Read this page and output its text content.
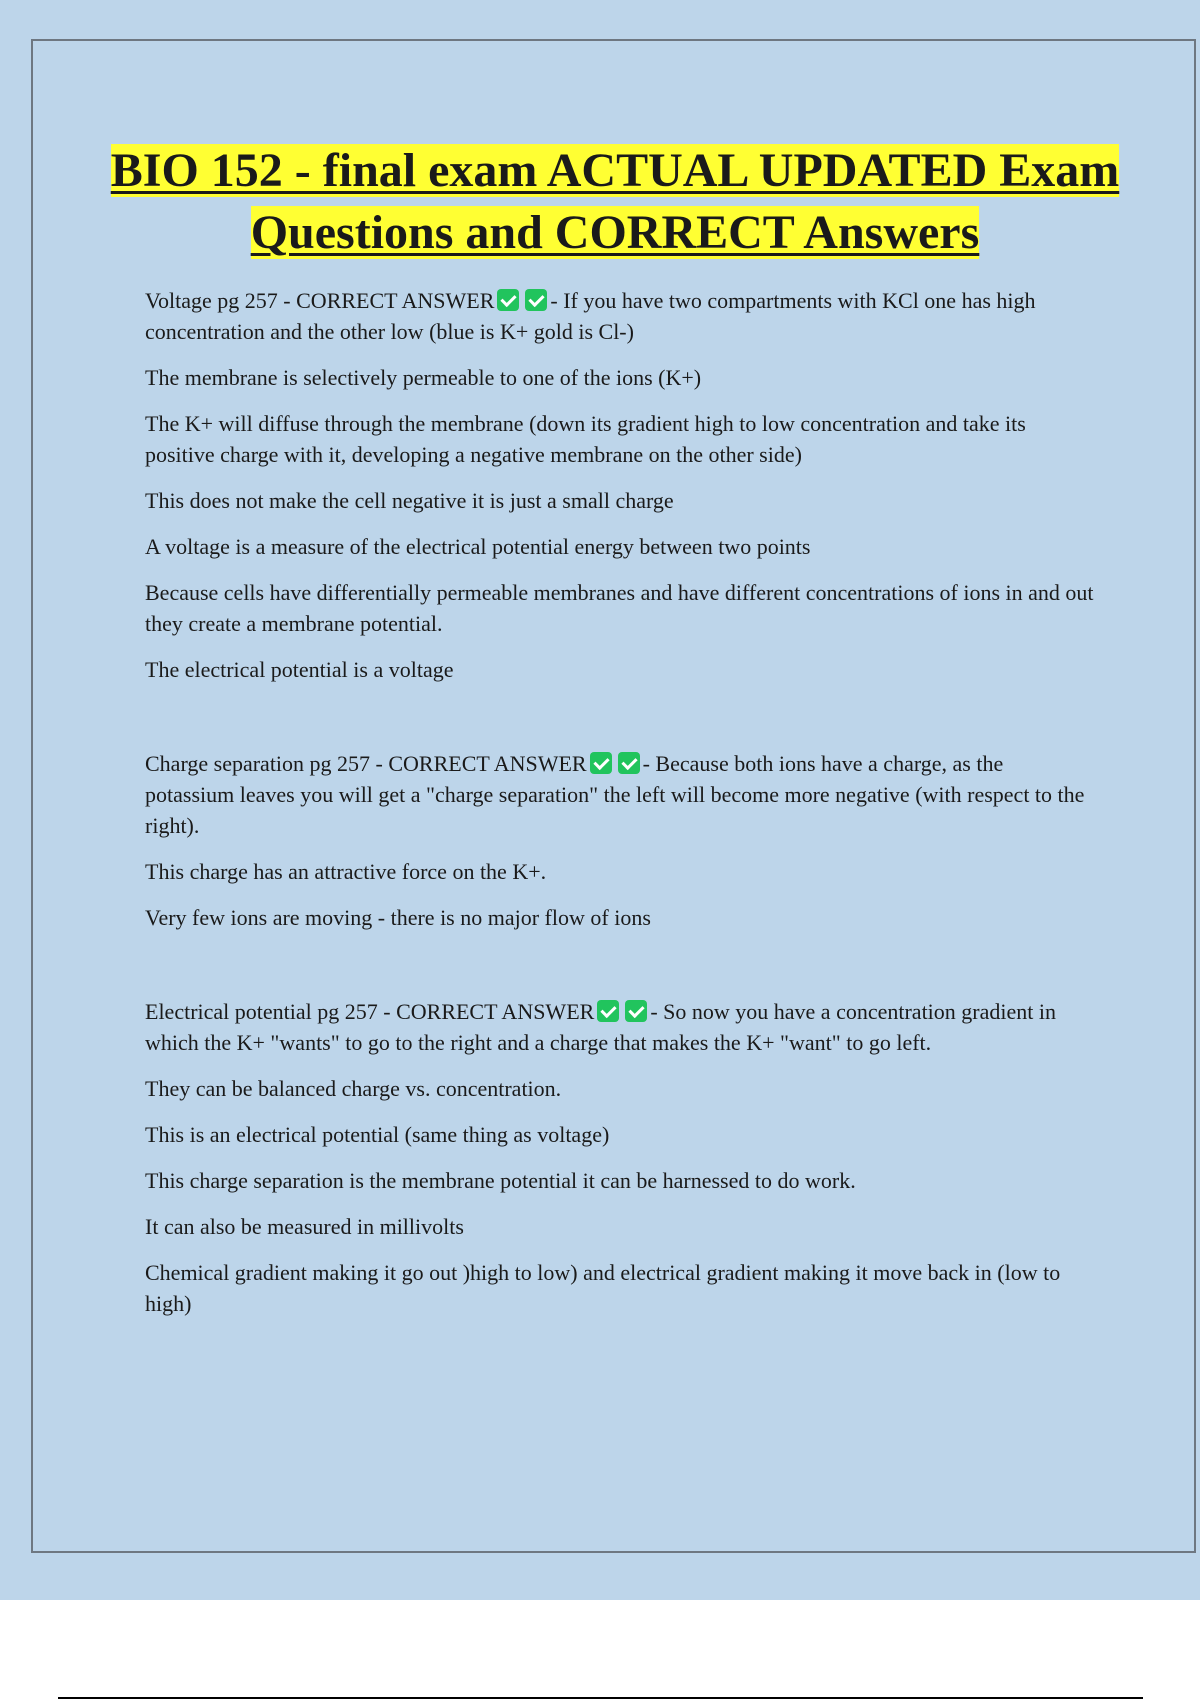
BIO 152 - final exam ACTUAL UPDATED Exam Questions and CORRECT Answers

Voltage pg 257 - CORRECT ANSWER	- If you have two compartments with KCl one has high concentration and the other low (blue is K+ gold is Cl-)

The membrane is selectively permeable to one of the ions (K+)

The K+ will diffuse through the membrane (down its gradient high to low concentration and take its positive charge with it, developing a negative membrane on the other side)

This does not make the cell negative it is just a small charge

A voltage is a measure of the electrical potential energy between two points

Because cells have differentially permeable membranes and have different concentrations of ions in and out they create a membrane potential.

The electrical potential is a voltage

Charge separation pg 257 - CORRECT ANSWER	- Because both ions have a charge, as the potassium leaves you will get a "charge separation" the left will become more negative (with respect to the right).

This charge has an attractive force on the K+.

Very few ions are moving - there is no major flow of ions

Electrical potential pg 257 - CORRECT ANSWER	- So now you have a concentration gradient in which the K+ "wants" to go to the right and a charge that makes the K+ "want" to go left.

They can be balanced charge vs. concentration.

This is an electrical potential (same thing as voltage)

This charge separation is the membrane potential it can be harnessed to do work.

It can also be measured in millivolts

Chemical gradient making it go out )high to low) and electrical gradient making it move back in (low to high)
